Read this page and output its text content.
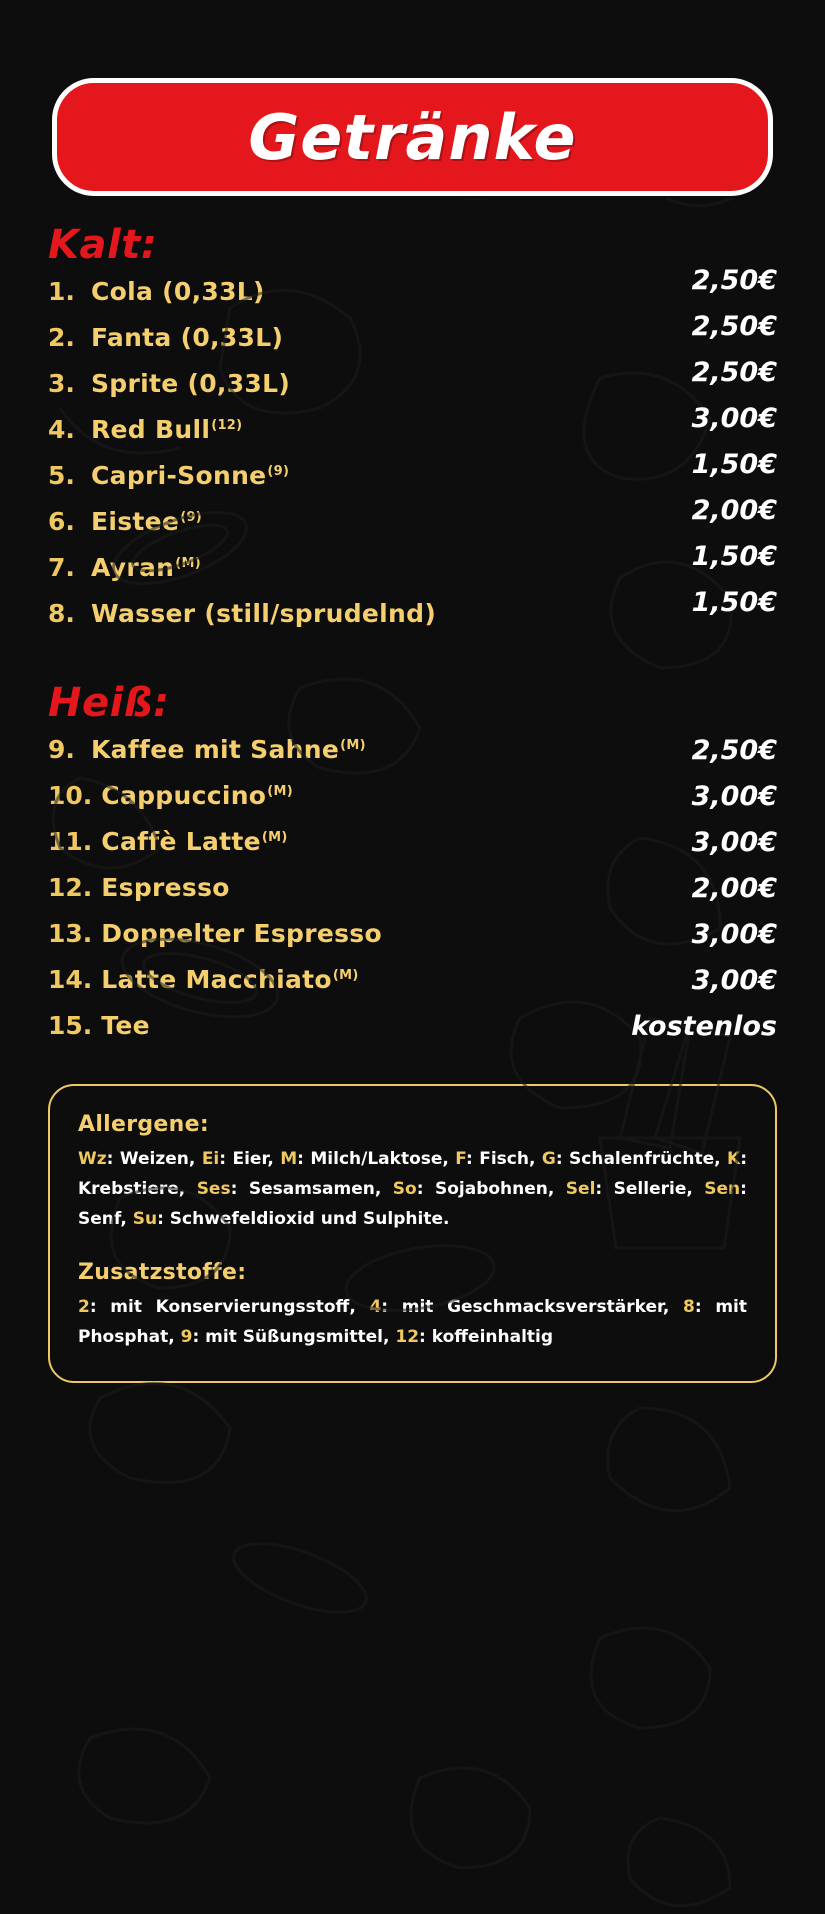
Getränke
Kalt:
1. Cola (0,33L)	2,50€
2. Fanta (0,33L)	2,50€
3. Sprite (0,33L)	2,50€
4. Red Bull$^{(12)}$	3,00€
5. Capri-Sonne$^{(9)}$	1,50€
6. Eistee$^{(9)}$	2,00€
7. Ayran$^{(M)}$	1,50€
8. Wasser (still/sprudelnd)	1,50€
Heiß:
9. Kaffee mit Sahne$^{(M)}$	2,50€
10. Cappuccino$^{(M)}$	3,00€
11. Caffè Latte$^{(M)}$	3,00€
12. Espresso	2,00€
13. Doppelter Espresso	3,00€
14. Latte Macchiato$^{(M)}$	3,00€
15. Tee	kostenlos
Allergene:
Wz: Weizen, Ei: Eier, M: Milch/Laktose, F: Fisch, G: Schalenfrüchte, K: Krebstiere, Ses: Sesamsamen, So: Sojabohnen, Sel: Sellerie, Sen: Senf, Su: Schwefeldioxid und Sulphite.
Zusatzstoffe:
2: mit Konservierungsstoff, 4: mit Geschmacksverstärker, 8: mit Phosphat, 9: mit Süßungsmittel, 12: koffeinhaltig
